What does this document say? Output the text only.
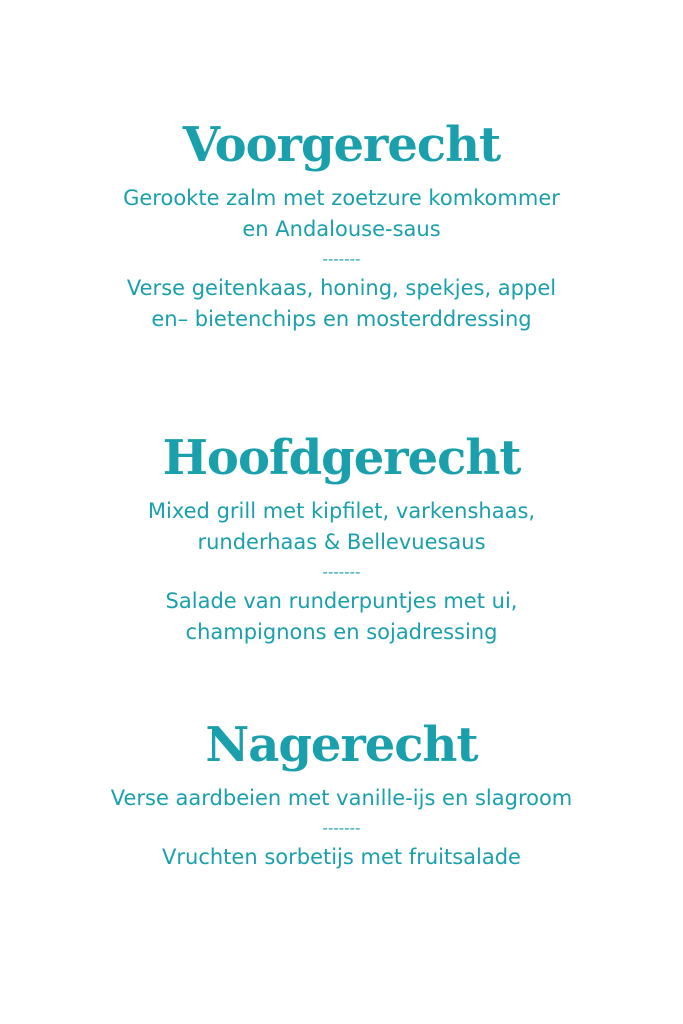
Voorgerecht

Gerookte zalm met zoetzure komkommer

en Andalouse-saus

-------

Verse geitenkaas, honing, spekjes, appel

en– bietenchips en mosterddressing

Hoofdgerecht

Mixed grill met kipfilet, varkenshaas,

runderhaas & Bellevuesaus

-------

Salade van runderpuntjes met ui,

champignons en sojadressing

Nagerecht

Verse aardbeien met vanille-ijs en slagroom

-------

Vruchten sorbetijs met fruitsalade
